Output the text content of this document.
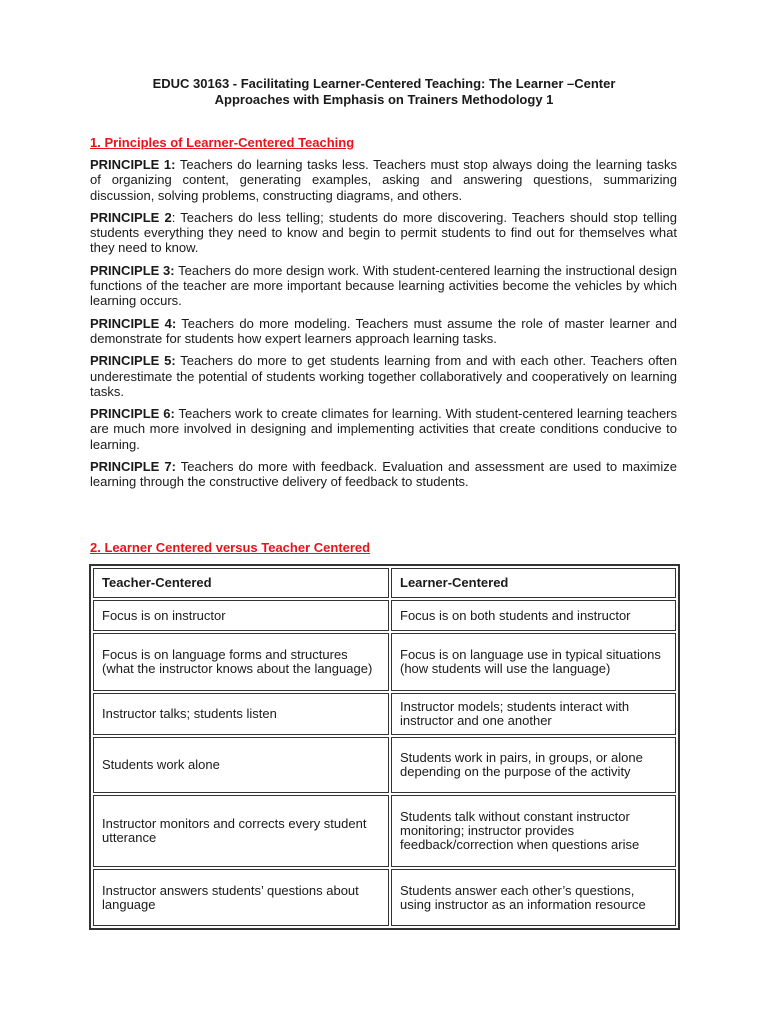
EDUC 30163 - Facilitating Learner-Centered Teaching: The Learner –Center
Approaches with Emphasis on Trainers Methodology 1
1. Principles of Learner-Centered Teaching

PRINCIPLE 1: Teachers do learning tasks less. Teachers must stop always doing the learning tasks of organizing content, generating examples, asking and answering questions, summarizing discussion, solving problems, constructing diagrams, and others.

PRINCIPLE 2: Teachers do less telling; students do more discovering. Teachers should stop telling students everything they need to know and begin to permit students to find out for themselves what they need to know.

PRINCIPLE 3: Teachers do more design work. With student-centered learning the instructional design functions of the teacher are more important because learning activities become the vehicles by which learning occurs.

PRINCIPLE 4: Teachers do more modeling. Teachers must assume the role of master learner and demonstrate for students how expert learners approach learning tasks.

PRINCIPLE 5: Teachers do more to get students learning from and with each other. Teachers often underestimate the potential of students working together collaboratively and cooperatively on learning tasks.

PRINCIPLE 6: Teachers work to create climates for learning. With student-centered learning teachers are much more involved in designing and implementing activities that create conditions conducive to learning.

PRINCIPLE 7: Teachers do more with feedback. Evaluation and assessment are used to maximize learning through the constructive delivery of feedback to students.

2. Learner Centered versus Teacher Centered
Teacher-Centered	Learner-Centered
Focus is on instructor	Focus is on both students and instructor
Focus is on language forms and structures (what the instructor knows about the language)	Focus is on language use in typical situations (how students will use the language)
Instructor talks; students listen	Instructor models; students interact with instructor and one another
Students work alone	Students work in pairs, in groups, or alone depending on the purpose of the activity
Instructor monitors and corrects every student utterance	Students talk without constant instructor monitoring; instructor provides feedback/correction when questions arise
Instructor answers students’ questions about language	Students answer each other’s questions, using instructor as an information resource
